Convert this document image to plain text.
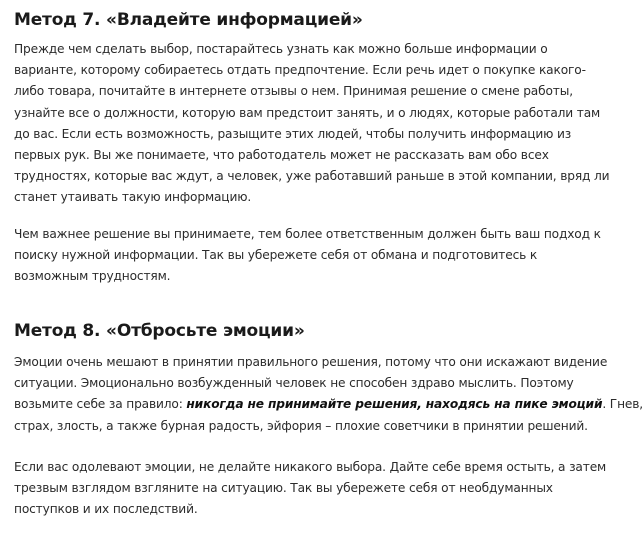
Метод 7. «Владейте информацией»

Прежде чем сделать выбор, постарайтесь узнать как можно больше информации о
варианте, которому собираетесь отдать предпочтение. Если речь идет о покупке какого-
либо товара, почитайте в интернете отзывы о нем. Принимая решение о смене работы,
узнайте все о должности, которую вам предстоит занять, и о людях, которые работали там
до вас. Если есть возможность, разыщите этих людей, чтобы получить информацию из
первых рук. Вы же понимаете, что работодатель может не рассказать вам обо всех
трудностях, которые вас ждут, а человек, уже работавший раньше в этой компании, вряд ли
станет утаивать такую информацию.

Чем важнее решение вы принимаете, тем более ответственным должен быть ваш подход к
поиску нужной информации. Так вы убережете себя от обмана и подготовитесь к
возможным трудностям.

Метод 8. «Отбросьте эмоции»

Эмоции очень мешают в принятии правильного решения, потому что они искажают видение
ситуации. Эмоционально возбужденный человек не способен здраво мыслить. Поэтому
возьмите себе за правило: никогда не принимайте решения, находясь на пике эмоций. Гнев,
страх, злость, а также бурная радость, эйфория – плохие советчики в принятии решений.

Если вас одолевают эмоции, не делайте никакого выбора. Дайте себе время остыть, а затем
трезвым взглядом взгляните на ситуацию. Так вы убережете себя от необдуманных
поступков и их последствий.
